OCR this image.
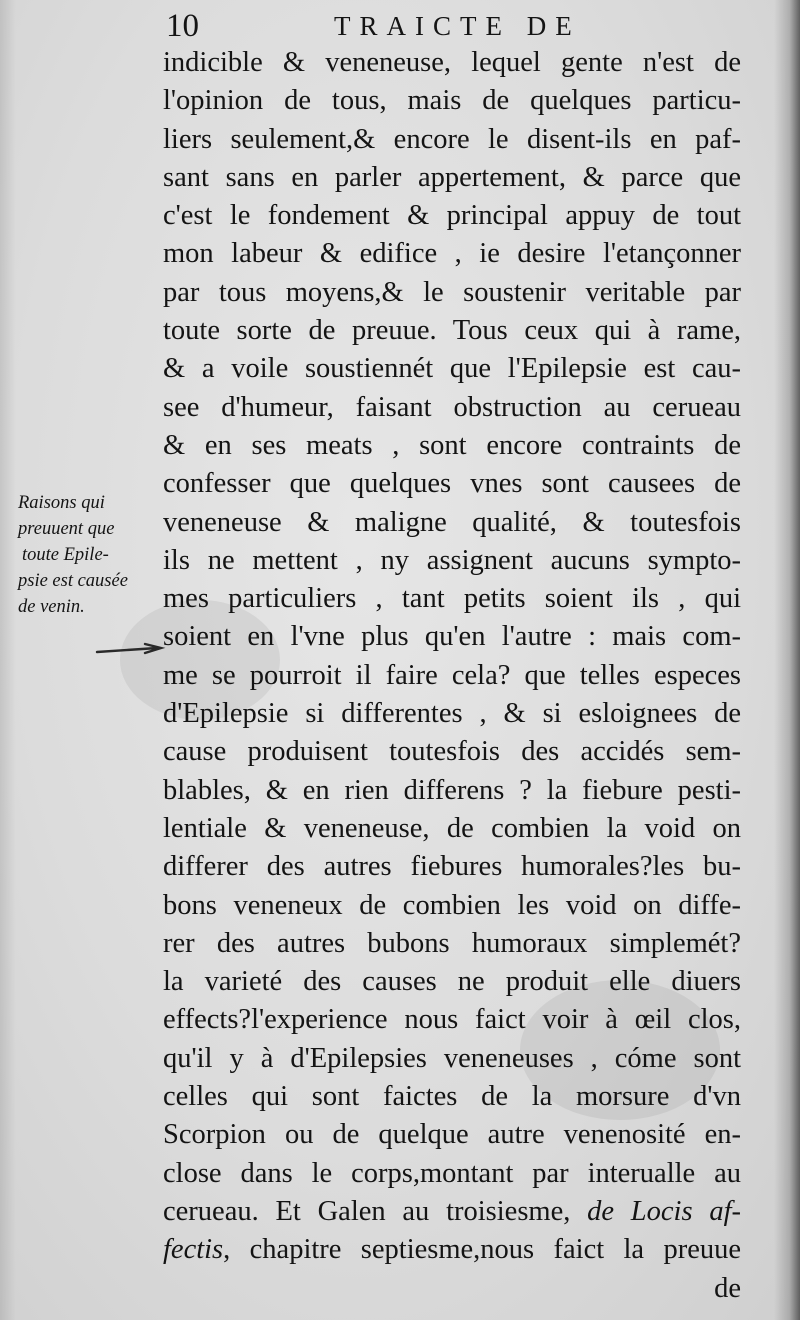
10	TRAICTE DE
indicible & veneneuse, lequel gente n'est de
l'opinion de tous, mais de quelques particu-
liers seulement,& encore le disent-ils en paf-
sant sans en parler appertement, & parce que
c'est le fondement & principal appuy de tout
mon labeur & edifice , ie desire l'etançonner
par tous moyens,& le soustenir veritable par
toute sorte de preuue. Tous ceux qui à rame,
& a voile soustiennét que l'Epilepsie est cau-
see d'humeur, faisant obstruction au cerueau
& en ses meats , sont encore contraints de
confesser que quelques vnes sont causees de
veneneuse & maligne qualité, & toutesfois
ils ne mettent , ny assignent aucuns sympto-
mes particuliers , tant petits soient ils , qui
soient en l'vne plus qu'en l'autre : mais com-
me se pourroit il faire cela? que telles especes
d'Epilepsie si differentes , & si esloignees de
cause produisent toutesfois des accidés sem-
blables, & en rien differens ? la fiebure pesti-
lentiale & veneneuse, de combien la void on
differer des autres fiebures humorales?les bu-
bons veneneux de combien les void on diffe-
rer des autres bubons humoraux simplemét?
la varieté des causes ne produit elle diuers
effects?l'experience nous faict voir à œil clos,
qu'il y à d'Epilepsies veneneuses , cóme sont
celles qui sont faictes de la morsure d'vn
Scorpion ou de quelque autre venenosité en-
close dans le corps,montant par interualle au
cerueau. Et Galen au troisiesme, de Locis af-
fectis, chapitre septiesme,nous faict la preuue
de
Raisons qui
preuuent que
toute Epile-
psie est causée
de venin.
